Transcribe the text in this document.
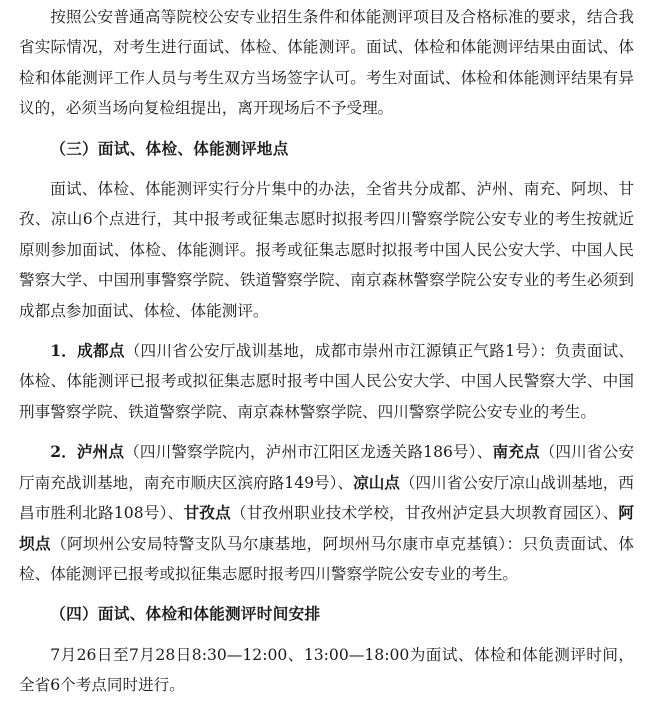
按照公安普通高等院校公安专业招生条件和体能测评项目及合格标准的要求，结合我省实际情况，对考生进行面试、体检、体能测评。面试、体检和体能测评结果由面试、体检和体能测评工作人员与考生双方当场签字认可。考生对面试、体检和体能测评结果有异议的，必须当场向复检组提出，离开现场后不予受理。

（三）面试、体检、体能测评地点

面试、体检、体能测评实行分片集中的办法，全省共分成都、泸州、南充、阿坝、甘孜、凉山6个点进行，其中报考或征集志愿时拟报考四川警察学院公安专业的考生按就近原则参加面试、体检、体能测评。报考或征集志愿时拟报考中国人民公安大学、中国人民警察大学、中国刑事警察学院、铁道警察学院、南京森林警察学院公安专业的考生必须到成都点参加面试、体检、体能测评。

1．成都点（四川省公安厅战训基地，成都市崇州市江源镇正气路1号）：负责面试、体检、体能测评已报考或拟征集志愿时报考中国人民公安大学、中国人民警察大学、中国刑事警察学院、铁道警察学院、南京森林警察学院、四川警察学院公安专业的考生。

2．泸州点（四川警察学院内，泸州市江阳区龙透关路186号）、南充点（四川省公安厅南充战训基地，南充市顺庆区滨府路149号）、凉山点（四川省公安厅凉山战训基地，西昌市胜利北路108号）、甘孜点（甘孜州职业技术学校，甘孜州泸定县大坝教育园区）、阿坝点（阿坝州公安局特警支队马尔康基地，阿坝州马尔康市卓克基镇）：只负责面试、体检、体能测评已报考或拟征集志愿时报考四川警察学院公安专业的考生。

（四）面试、体检和体能测评时间安排

7月26日至7月28日8:30—12:00、13:00—18:00为面试、体检和体能测评时间，全省6个考点同时进行。
